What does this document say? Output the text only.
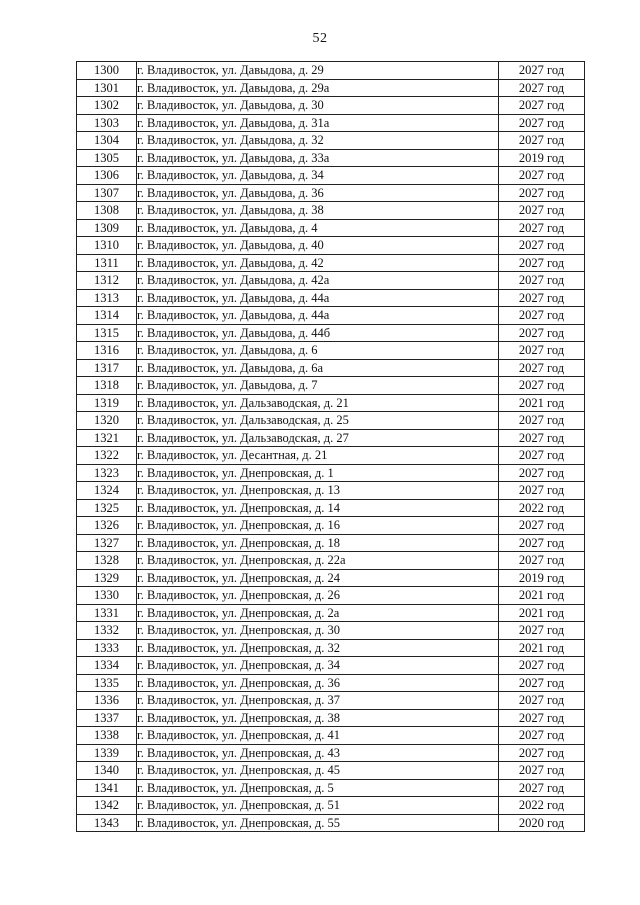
52
1300	г. Владивосток, ул. Давыдова, д. 29	2027 год
1301	г. Владивосток, ул. Давыдова, д. 29а	2027 год
1302	г. Владивосток, ул. Давыдова, д. 30	2027 год
1303	г. Владивосток, ул. Давыдова, д. 31а	2027 год
1304	г. Владивосток, ул. Давыдова, д. 32	2027 год
1305	г. Владивосток, ул. Давыдова, д. 33а	2019 год
1306	г. Владивосток, ул. Давыдова, д. 34	2027 год
1307	г. Владивосток, ул. Давыдова, д. 36	2027 год
1308	г. Владивосток, ул. Давыдова, д. 38	2027 год
1309	г. Владивосток, ул. Давыдова, д. 4	2027 год
1310	г. Владивосток, ул. Давыдова, д. 40	2027 год
1311	г. Владивосток, ул. Давыдова, д. 42	2027 год
1312	г. Владивосток, ул. Давыдова, д. 42а	2027 год
1313	г. Владивосток, ул. Давыдова, д. 44а	2027 год
1314	г. Владивосток, ул. Давыдова, д. 44а	2027 год
1315	г. Владивосток, ул. Давыдова, д. 44б	2027 год
1316	г. Владивосток, ул. Давыдова, д. 6	2027 год
1317	г. Владивосток, ул. Давыдова, д. 6а	2027 год
1318	г. Владивосток, ул. Давыдова, д. 7	2027 год
1319	г. Владивосток, ул. Дальзаводская, д. 21	2021 год
1320	г. Владивосток, ул. Дальзаводская, д. 25	2027 год
1321	г. Владивосток, ул. Дальзаводская, д. 27	2027 год
1322	г. Владивосток, ул. Десантная, д. 21	2027 год
1323	г. Владивосток, ул. Днепровская, д. 1	2027 год
1324	г. Владивосток, ул. Днепровская, д. 13	2027 год
1325	г. Владивосток, ул. Днепровская, д. 14	2022 год
1326	г. Владивосток, ул. Днепровская, д. 16	2027 год
1327	г. Владивосток, ул. Днепровская, д. 18	2027 год
1328	г. Владивосток, ул. Днепровская, д. 22а	2027 год
1329	г. Владивосток, ул. Днепровская, д. 24	2019 год
1330	г. Владивосток, ул. Днепровская, д. 26	2021 год
1331	г. Владивосток, ул. Днепровская, д. 2а	2021 год
1332	г. Владивосток, ул. Днепровская, д. 30	2027 год
1333	г. Владивосток, ул. Днепровская, д. 32	2021 год
1334	г. Владивосток, ул. Днепровская, д. 34	2027 год
1335	г. Владивосток, ул. Днепровская, д. 36	2027 год
1336	г. Владивосток, ул. Днепровская, д. 37	2027 год
1337	г. Владивосток, ул. Днепровская, д. 38	2027 год
1338	г. Владивосток, ул. Днепровская, д. 41	2027 год
1339	г. Владивосток, ул. Днепровская, д. 43	2027 год
1340	г. Владивосток, ул. Днепровская, д. 45	2027 год
1341	г. Владивосток, ул. Днепровская, д. 5	2027 год
1342	г. Владивосток, ул. Днепровская, д. 51	2022 год
1343	г. Владивосток, ул. Днепровская, д. 55	2020 год
